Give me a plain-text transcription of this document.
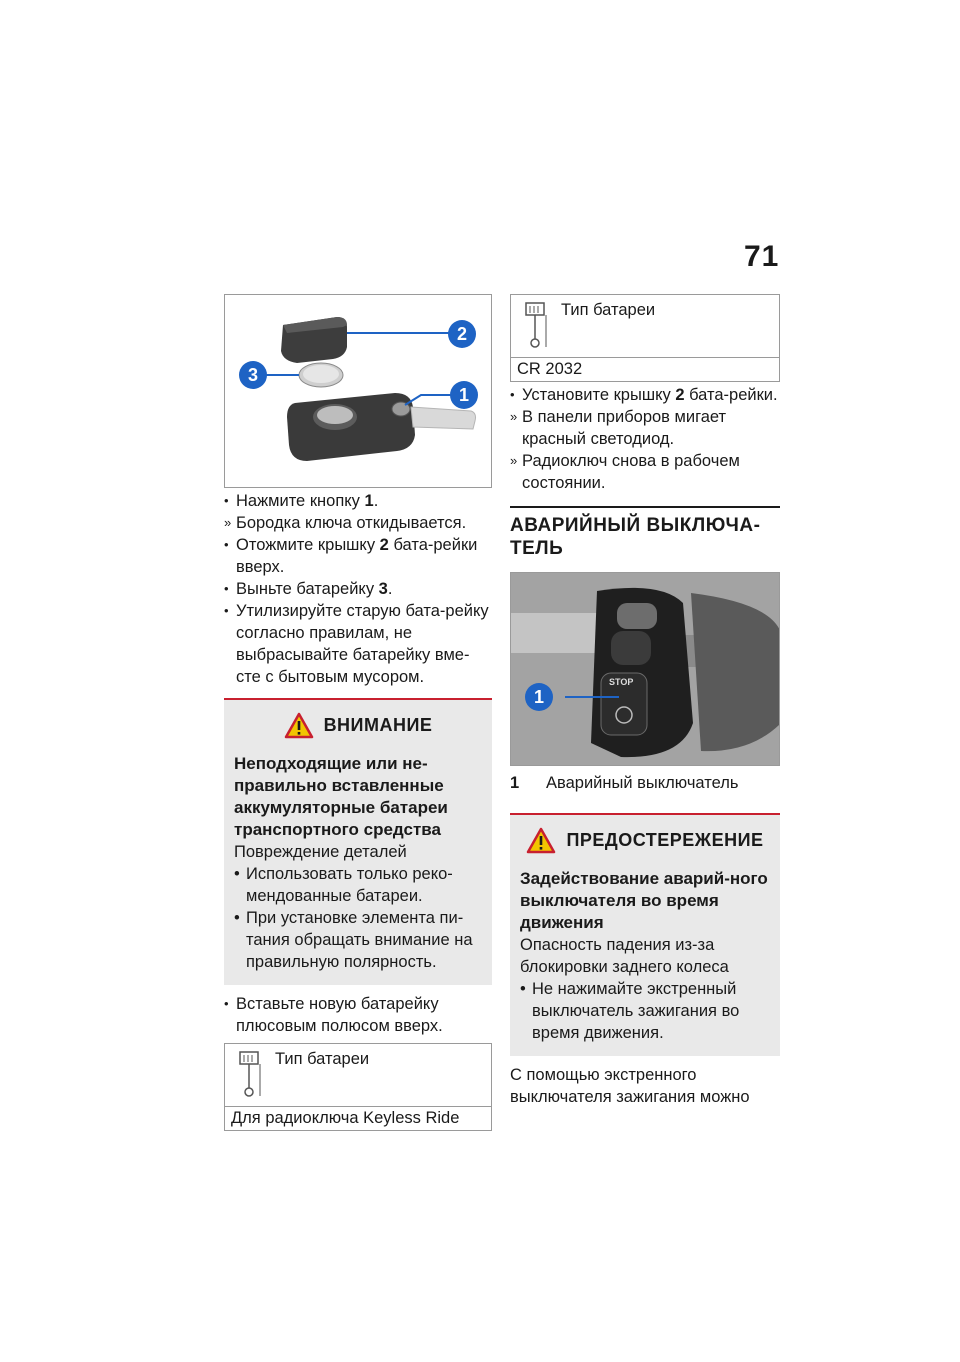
71
2
3
1
• Нажмите кнопку 1.
» Бородка ключа откидывается.
• Отожмите крышку 2 бата-рейки вверх.
• Выньте батарейку 3.
• Утилизируйте старую бата-рейку согласно правилам, не выбрасывайте батарейку вме-сте с бытовым мусором.
ВНИМАНИЕ
Неподходящие или не-правильно вставленные аккумуляторные батареи транспортного средства
Повреждение деталей
• Использовать только реко-мендованные батареи.
• При установке элемента пи-тания обращать внимание на правильную полярность.
• Вставьте новую батарейку плюсовым полюсом вверх.
Тип батареи
Для радиоключа Keyless Ride
Тип батареи
CR 2032
• Установите крышку 2 бата-рейки.
» В панели приборов мигает красный светодиод.
» Радиоключ снова в рабочем состоянии.
АВАРИЙНЫЙ ВЫКЛЮЧА-ТЕЛЬ
STOP
1
1	Аварийный выключатель
ПРЕДОСТЕРЕЖЕНИЕ
Задействование аварий-ного выключателя во время движения
Опасность падения из-за блокировки заднего колеса
• Не нажимайте экстренный выключатель зажигания во время движения.
С помощью экстренного выключателя зажигания можно
